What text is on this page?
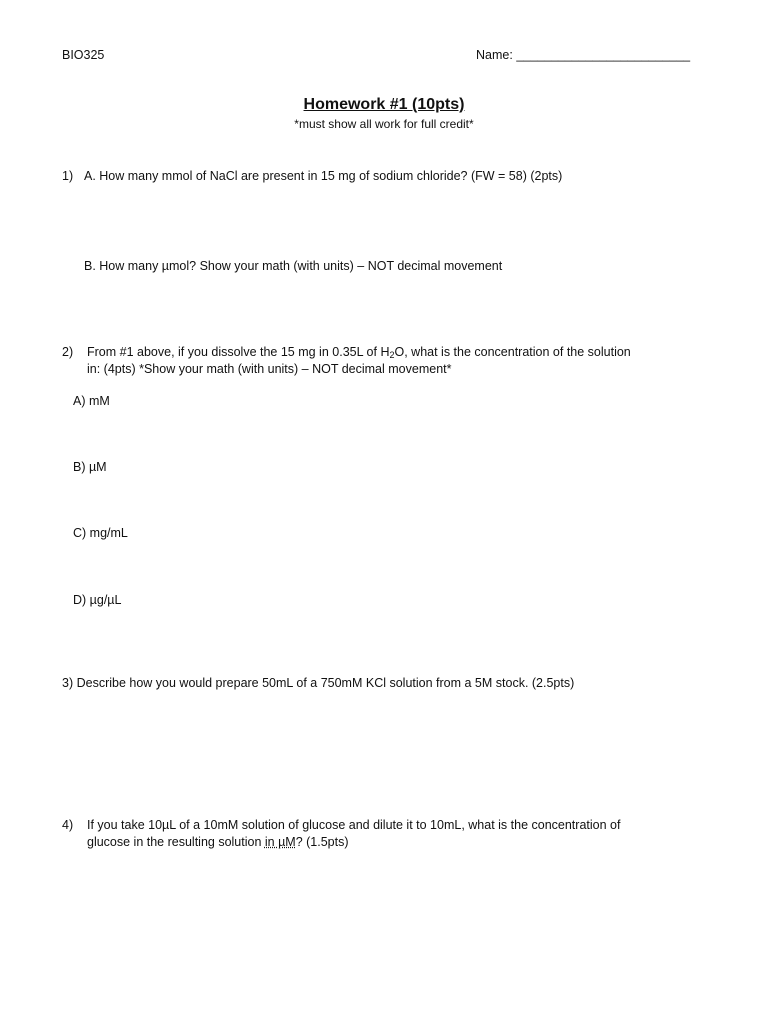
BIO325	Name: _________________________
Homework #1 (10pts)
*must show all work for full credit*
1) A. How many mmol of NaCl are present in 15 mg of sodium chloride? (FW = 58) (2pts)
B. How many µmol? Show your math (with units) – NOT decimal movement
2) From #1 above, if you dissolve the 15 mg in 0.35L of $H_2O$, what is the concentration of the solution
in: (4pts) *Show your math (with units) – NOT decimal movement*
A) mM
B) µM
C) mg/mL
D) µg/µL
3) Describe how you would prepare 50mL of a 750mM KCl solution from a 5M stock. (2.5pts)
4) If you take 10µL of a 10mM solution of glucose and dilute it to 10mL, what is the concentration of
glucose in the resulting solution in µM? (1.5pts)
